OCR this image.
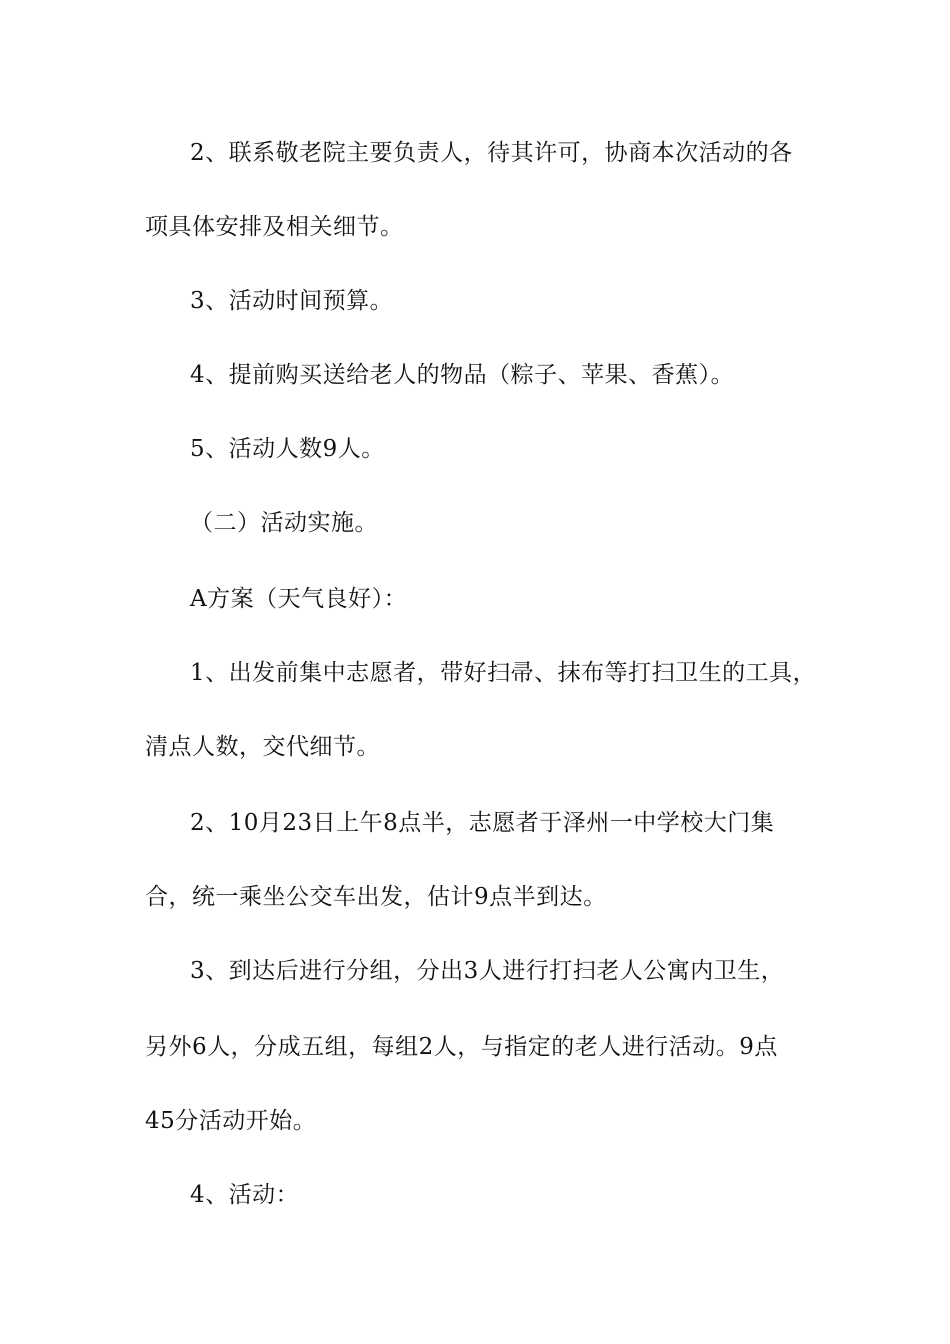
2、联系敬老院主要负责人，待其许可，协商本次活动的各
项具体安排及相关细节。
3、活动时间预算。
4、提前购买送给老人的物品（粽子、苹果、香蕉）。
5、活动人数9人。
（二）活动实施。
A方案（天气良好）：
1、出发前集中志愿者，带好扫帚、抹布等打扫卫生的工具，
清点人数，交代细节。
2、10月23日上午8点半，志愿者于泽州一中学校大门集
合，统一乘坐公交车出发，估计9点半到达。
3、到达后进行分组，分出3人进行打扫老人公寓内卫生，
另外6人，分成五组，每组2人，与指定的老人进行活动。9点
45分活动开始。
4、活动：
